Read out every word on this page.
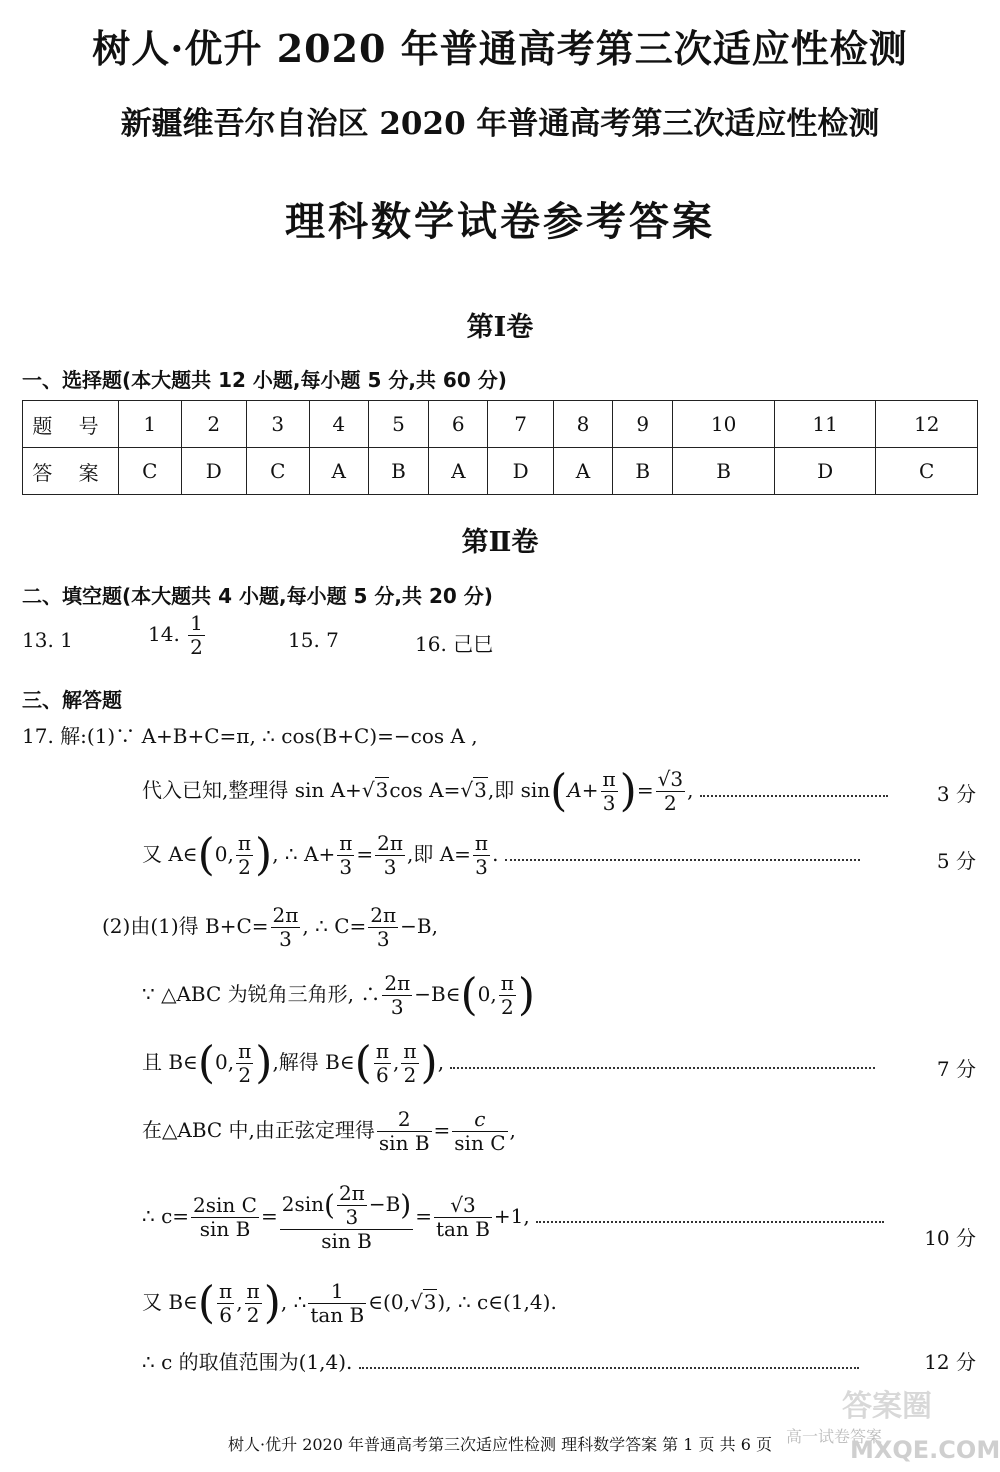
树人·优升 2020 年普通高考第三次适应性检测
新疆维吾尔自治区 2020 年普通高考第三次适应性检测
理科数学试卷参考答案
第Ⅰ卷
一、选择题(本大题共 12 小题,每小题 5 分,共 60 分)
题 号	1	2	3	4	5	6	7	8	9	10	11	12
答 案	C	D	C	A	B	A	D	A	B	B	D	C
第Ⅱ卷
二、填空题(本大题共 4 小题,每小题 5 分,共 20 分)
13. 1	14. $\frac{1}{2}$	15. 7	16. 己巳
三、解答题
17. 解:(1)∵ A+B+C=π, ∴ cos(B+C)=−cos A ,
代入已知,整理得 sin A+√3cos A=√3,即 $\sin(A+ \frac{\pi}{3}$ )= $\frac{√3}{2}$ ,	3 分
又 A∈(0, $\frac{\pi}{2}$ ), ∴ $A+ \frac{\pi}{3} = \frac{2\pi}{3}$ ,即 $A= \frac{\pi}{3}$ .	5 分
(2)由(1)得 $B+C= \frac{2\pi}{3}$ , ∴ $C= \frac{2\pi}{3} -B$,
∵ △ABC 为锐角三角形, ∴ $\frac{2\pi}{3}$ −B∈(0, $\frac{\pi}{2}$ )
且 B∈(0, $\frac{\pi}{2}$ ),解得 B∈( $\frac{\pi}{6}$ , $\frac{\pi}{2}$ ),	7 分
在△ABC 中,由正弦定理得 $\frac{2}{\text{sin B}} = \frac{c}{\text{sin C}}$ ,
∴ $c= \frac{\text{2sin C}}{\text{sin B}} = \frac{2\sin( \frac{2\pi}{3} -B)}{\text{sin B}} = \frac{√3}{\text{tan B}} +1$,
10 分
又 B∈( $\frac{\pi}{6}$ , $\frac{\pi}{2}$ ), ∴ $\frac{1}{\text{tan B}}$ ∈(0,√3), ∴ c∈(1,4).
∴ c 的取值范围为(1,4).	12 分
树人·优升 2020 年普通高考第三次适应性检测 理科数学答案 第 1 页 共 6 页
答案圈
高一试卷答案
MXQE.COM
